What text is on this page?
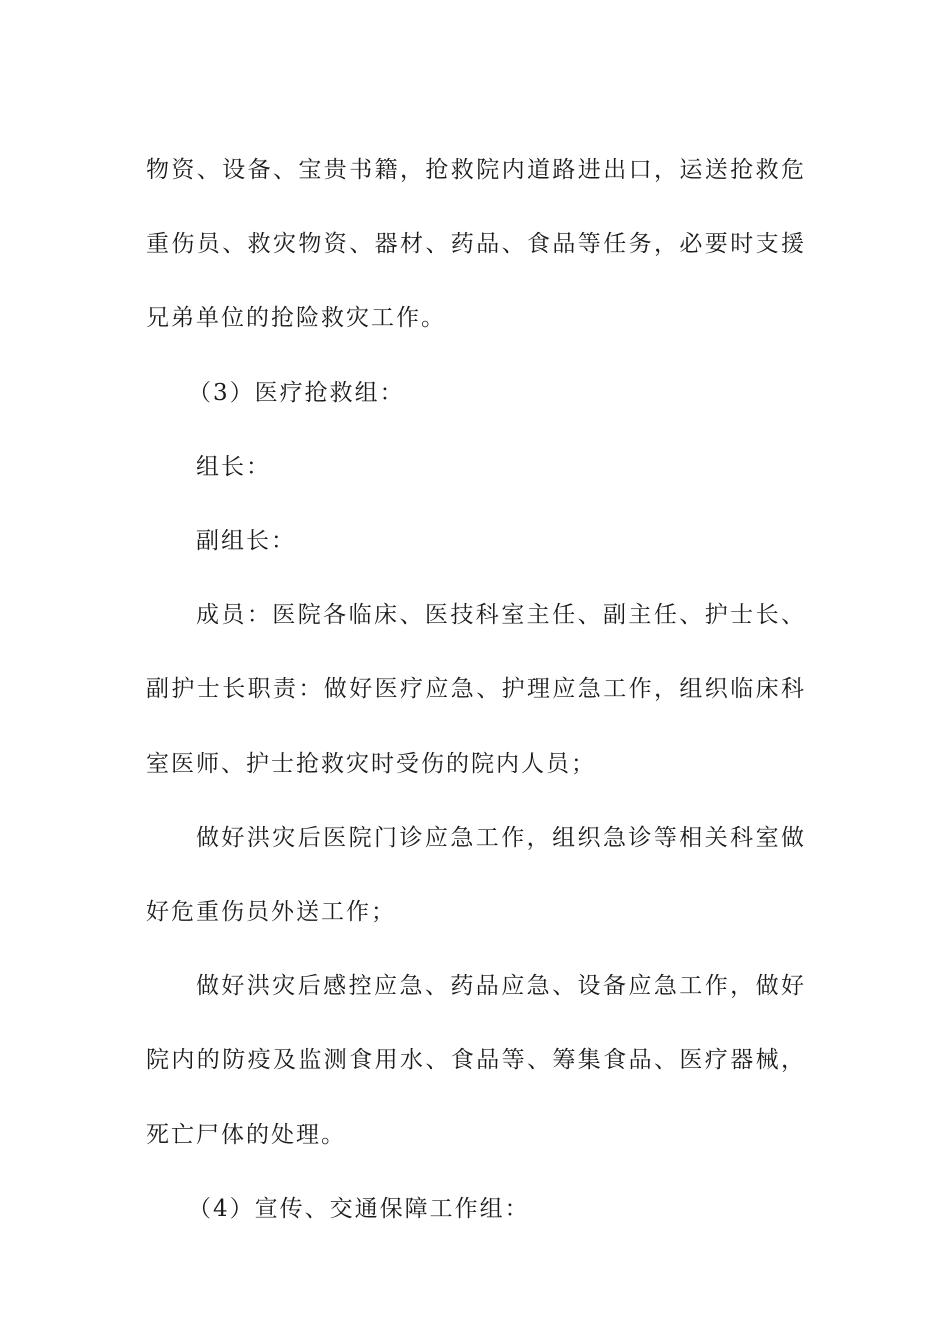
物资、设备、宝贵书籍，抢救院内道路进出口，运送抢救危重伤员、救灾物资、器材、药品、食品等任务，必要时支援兄弟单位的抢险救灾工作。

（3）医疗抢救组：

组长：

副组长：

成员：医院各临床、医技科室主任、副主任、护士长、副护士长职责：做好医疗应急、护理应急工作，组织临床科室医师、护士抢救灾时受伤的院内人员；

做好洪灾后医院门诊应急工作，组织急诊等相关科室做好危重伤员外送工作；

做好洪灾后感控应急、药品应急、设备应急工作，做好院内的防疫及监测食用水、食品等、筹集食品、医疗器械，死亡尸体的处理。

（4）宣传、交通保障工作组：
